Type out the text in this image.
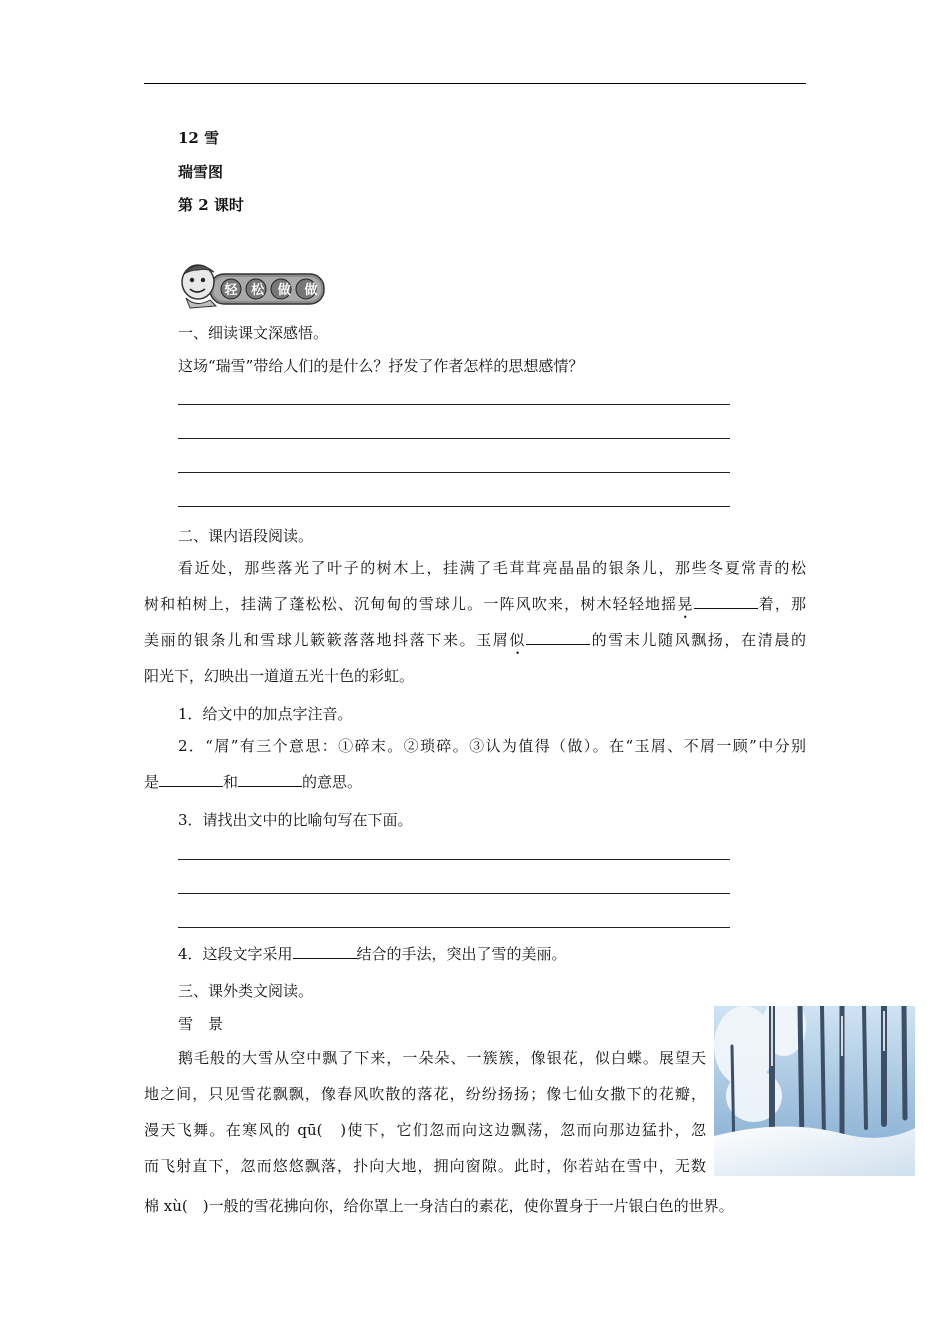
12 雪
瑞雪图
第 2 课时
轻 松 做 做
一、细读课文深感悟。
这场“瑞雪”带给人们的是什么？抒发了作者怎样的思想感情？
二、课内语段阅读。
看近处，那些落光了叶子的树木上，挂满了毛茸茸亮晶晶的银条儿，那些冬夏常青的松
树和柏树上，挂满了蓬松松、沉甸甸的雪球儿。一阵风吹来，树木轻轻地摇晃	着，那
美丽的银条儿和雪球儿簌簌落落地抖落下来。玉屑似	的雪末儿随风飘扬，在清晨的
阳光下，幻映出一道道五光十色的彩虹。
1．给文中的加点字注音。
2．“屑”有三个意思：①碎末。②琐碎。③认为值得（做）。在“玉屑、不屑一顾”中分别
是	和	的意思。
3．请找出文中的比喻句写在下面。
4．这段文字采用	结合的手法，突出了雪的美丽。
三、课外类文阅读。
雪　景
鹅毛般的大雪从空中飘了下来，一朵朵、一簇簇，像银花，似白蝶。展望天
地之间，只见雪花飘飘，像春风吹散的落花，纷纷扬扬；像七仙女撒下的花瓣，
漫天飞舞。在寒风的 qū(　)使下，它们忽而向这边飘荡，忽而向那边猛扑，忽
而飞射直下，忽而悠悠飘落，扑向大地，拥向窗隙。此时，你若站在雪中，无数
棉 xù(　)一般的雪花拂向你，给你罩上一身洁白的素花，使你置身于一片银白色的世界。
